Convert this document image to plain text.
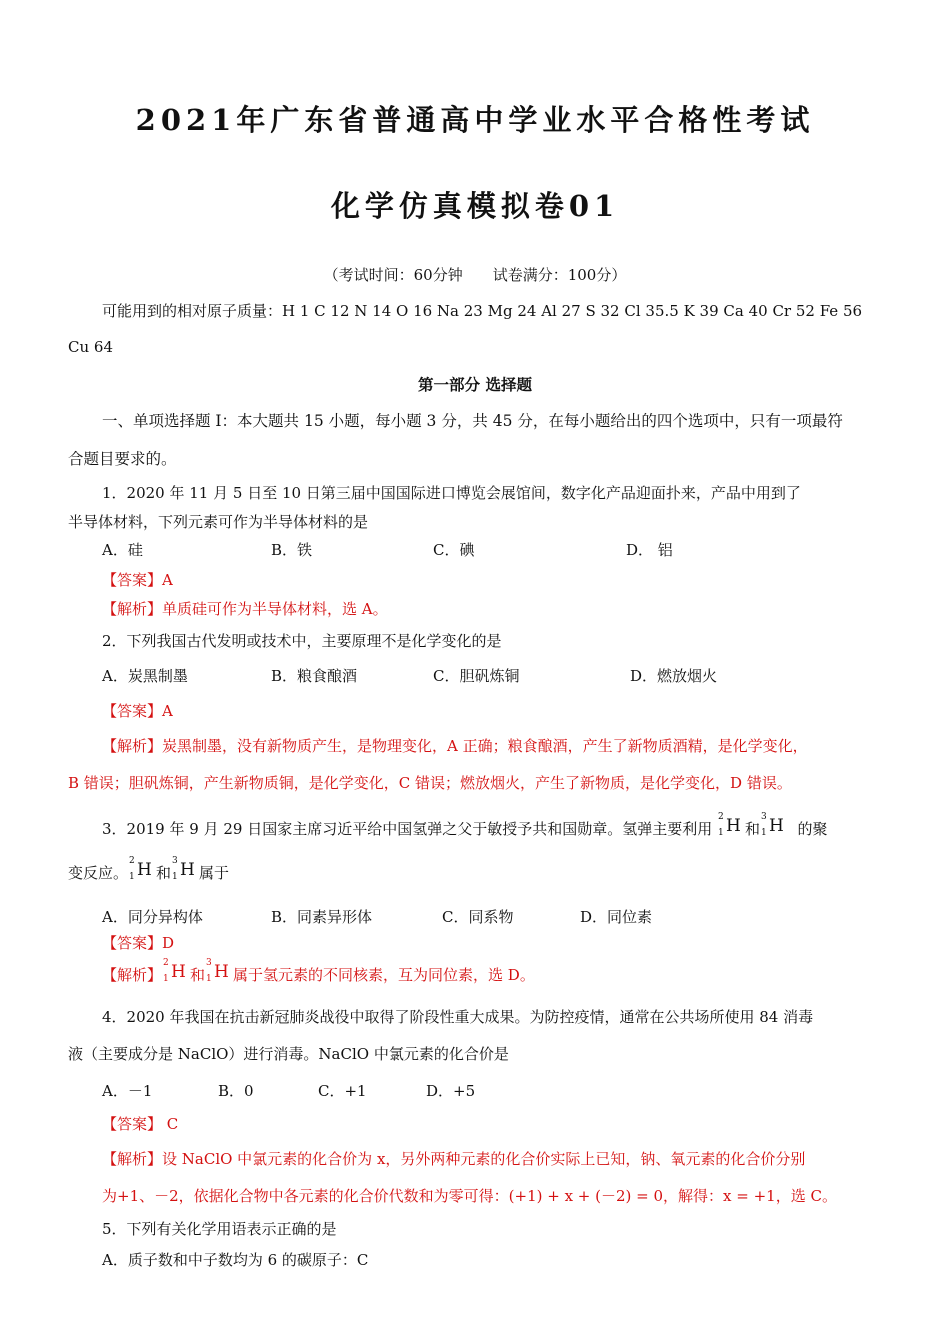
2021年广东省普通高中学业水平合格性考试
化学仿真模拟卷01
（考试时间：60分钟　　试卷满分：100分）
可能用到的相对原子质量：H 1 C 12 N 14 O 16 Na 23 Mg 24 Al 27 S 32 Cl 35.5 K 39 Ca 40 Cr 52 Fe 56
Cu 64
第一部分 选择题
一、单项选择题 I：本大题共 15 小题，每小题 3 分，共 45 分，在每小题给出的四个选项中，只有一项最符
合题目要求的。
1．2020 年 11 月 5 日至 10 日第三届中国国际进口博览会展馆间，数字化产品迎面扑来，产品中用到了
半导体材料，下列元素可作为半导体材料的是
A．硅	B．铁	C．碘	D． 铝
【答案】A
【解析】单质硅可作为半导体材料，选 A。
2．下列我国古代发明或技术中，主要原理不是化学变化的是
A．炭黑制墨	B．粮食酿酒	C．胆矾炼铜	D．燃放烟火
【答案】A
【解析】炭黑制墨，没有新物质产生，是物理变化，A 正确；粮食酿酒，产生了新物质酒精，是化学变化，
B 错误；胆矾炼铜，产生新物质铜，是化学变化，C 错误；燃放烟火，产生了新物质，是化学变化，D 错误。
3．2019 年 9 月 29 日国家主席习近平给中国氢弹之父于敏授予共和国勋章。氢弹主要利用
2
1 H 和
3
1 H 的聚
变反应。
2
1 H 和
3
1 H 属于
A．同分异构体	B．同素异形体	C．同系物	D．同位素
【答案】D
【解析】
2
1 H 和
3
1 H 属于氢元素的不同核素，互为同位素，选 D。
4．2020 年我国在抗击新冠肺炎战役中取得了阶段性重大成果。为防控疫情，通常在公共场所使用 84 消毒
液（主要成分是 NaClO）进行消毒。NaClO 中氯元素的化合价是
A．－1	B．0	C．+1	D．+5
【答案】 C
【解析】设 NaClO 中氯元素的化合价为 x，另外两种元素的化合价实际上已知，钠、氧元素的化合价分别
为+1、－2，依据化合物中各元素的化合价代数和为零可得：(+1) + x + (－2) = 0，解得：x = +1，选 C。
5．下列有关化学用语表示正确的是
A．质子数和中子数均为 6 的碳原子：C
